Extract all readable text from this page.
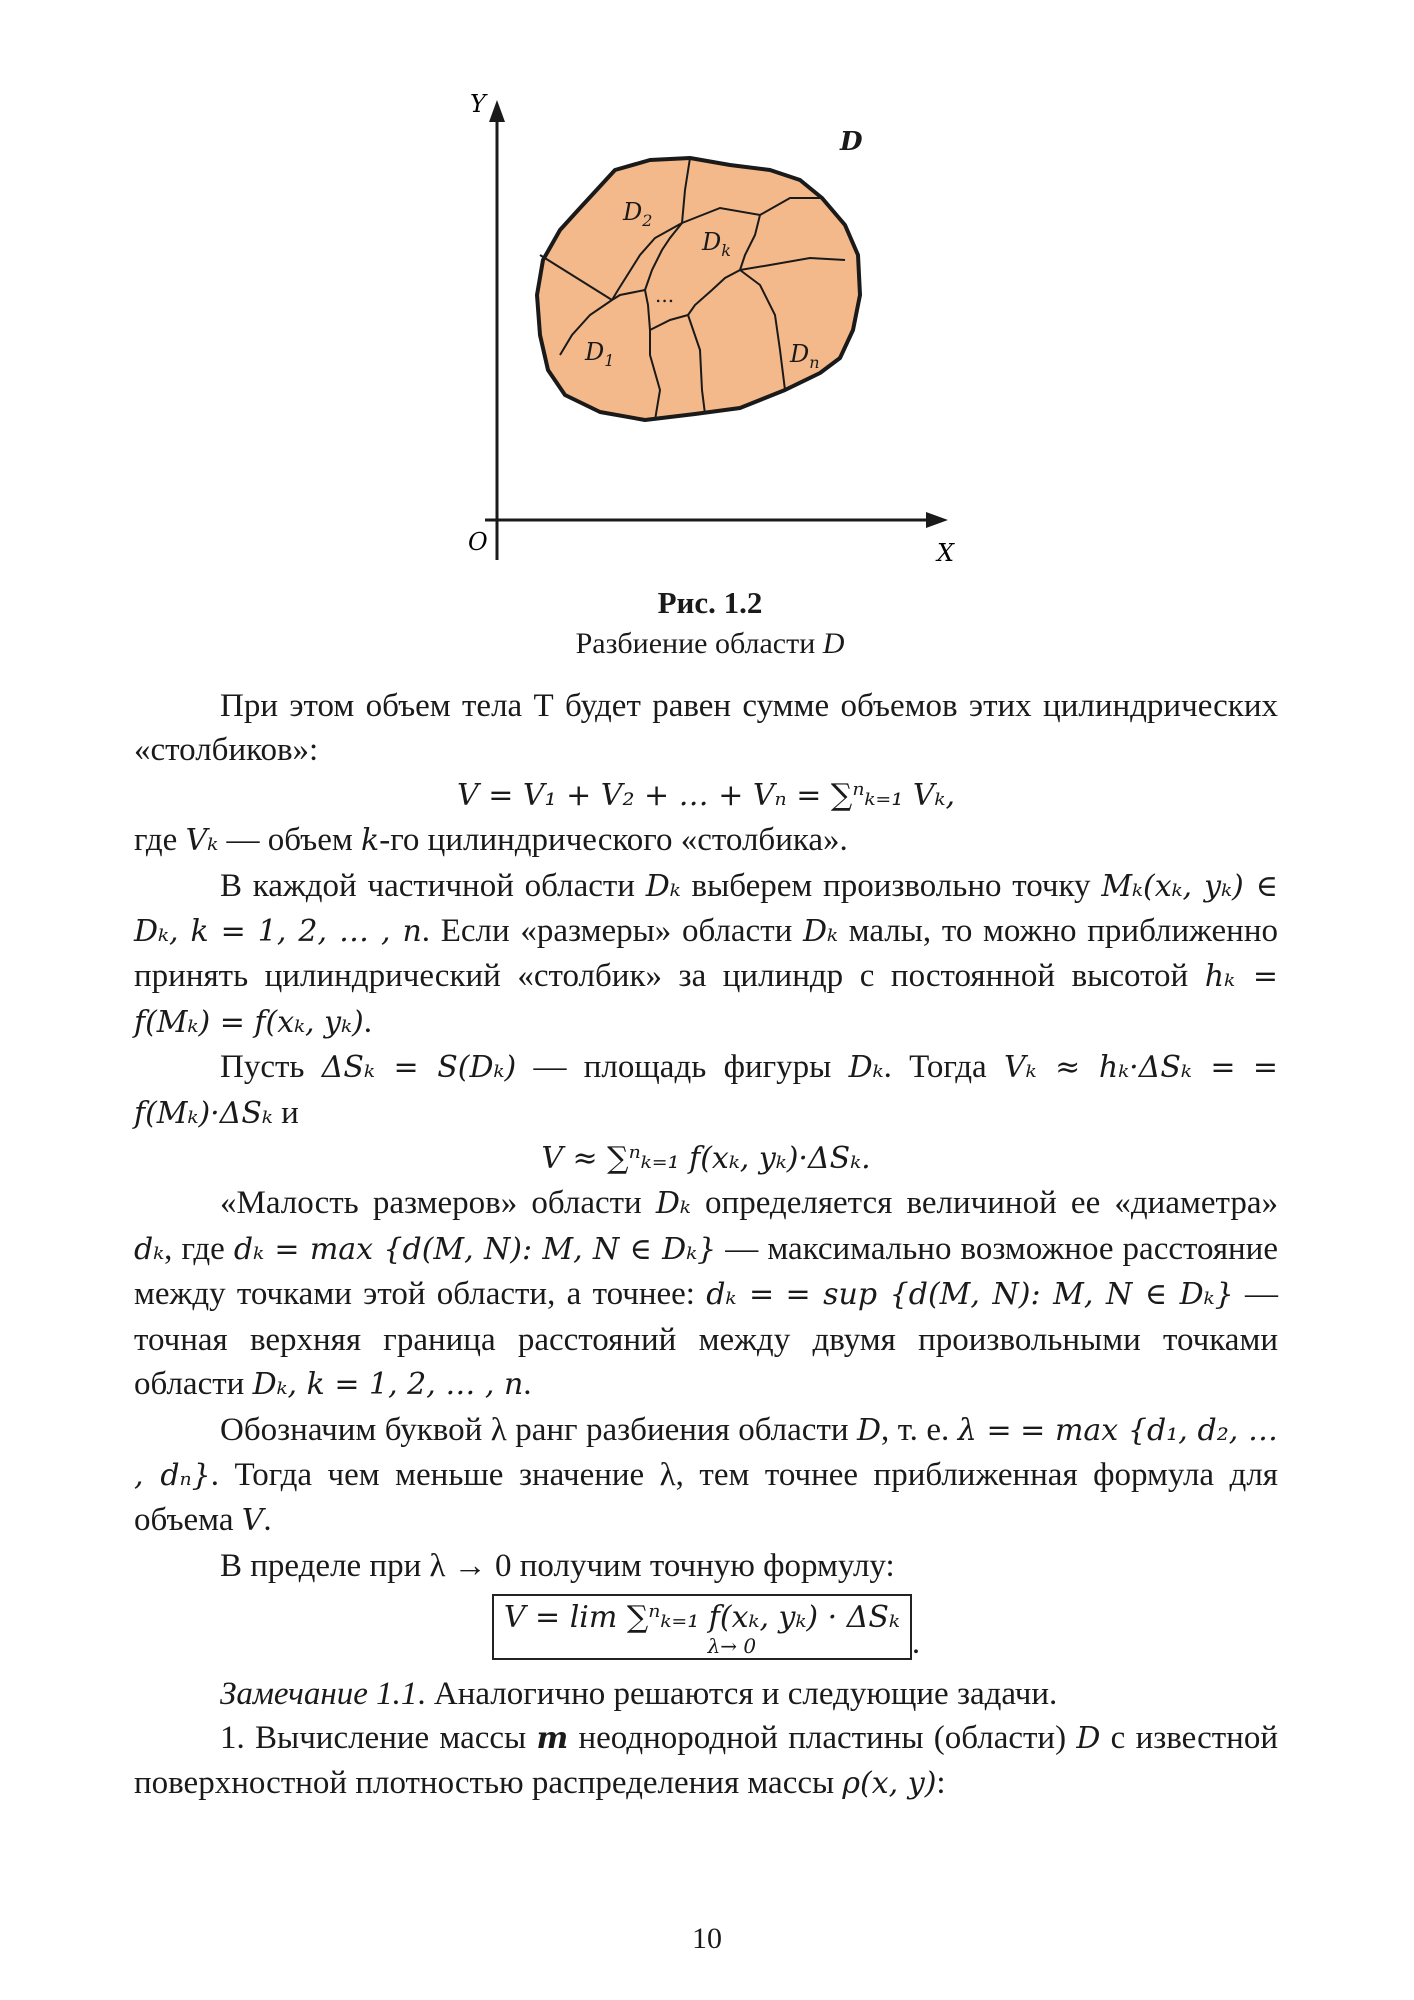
Y
X
O
D
$D_2$
$D_k$
$D_1$	$D_n$
...
Рис. 1.2
Разбиение области D

При этом объем тела Т будет равен сумме объемов этих цилиндрических «столбиков»:

V = V₁ + V₂ + … + Vₙ = ∑ⁿₖ₌₁ Vₖ,

где Vₖ — объем k-го цилиндрического «столбика».

В каждой частичной области Dₖ выберем произвольно точку Mₖ(xₖ, yₖ) ∈ Dₖ, k = 1, 2, … , n. Если «размеры» области Dₖ малы, то можно приближенно принять цилиндрический «столбик» за цилиндр с постоянной высотой hₖ = f(Mₖ) = f(xₖ, yₖ).

Пусть ΔSₖ = S(Dₖ) — площадь фигуры Dₖ. Тогда Vₖ ≈ hₖ·ΔSₖ = = f(Mₖ)·ΔSₖ и

V ≈ ∑ⁿₖ₌₁ f(xₖ, yₖ)·ΔSₖ.

«Малость размеров» области Dₖ определяется величиной ее «диаметра» dₖ, где dₖ = max {d(M, N): M, N ∈ Dₖ} — максимально возможное расстояние между точками этой области, а точнее: dₖ = = sup {d(M, N): M, N ∈ Dₖ} — точная верхняя граница расстояний между двумя произвольными точками области Dₖ, k = 1, 2, … , n.

Обозначим буквой λ ранг разбиения области D, т. е. λ = = max {d₁, d₂, … , dₙ}. Тогда чем меньше значение λ, тем точнее приближенная формула для объема V.

В пределе при λ → 0 получим точную формулу:

V = lim ∑ⁿₖ₌₁ f(xₖ, yₖ) · ΔSₖ

λ→ 0	.

Замечание 1.1. Аналогично решаются и следующие задачи.

1. Вычисление массы m неоднородной пластины (области) D с известной поверхностной плотностью распределения массы ρ(x, y):

10
